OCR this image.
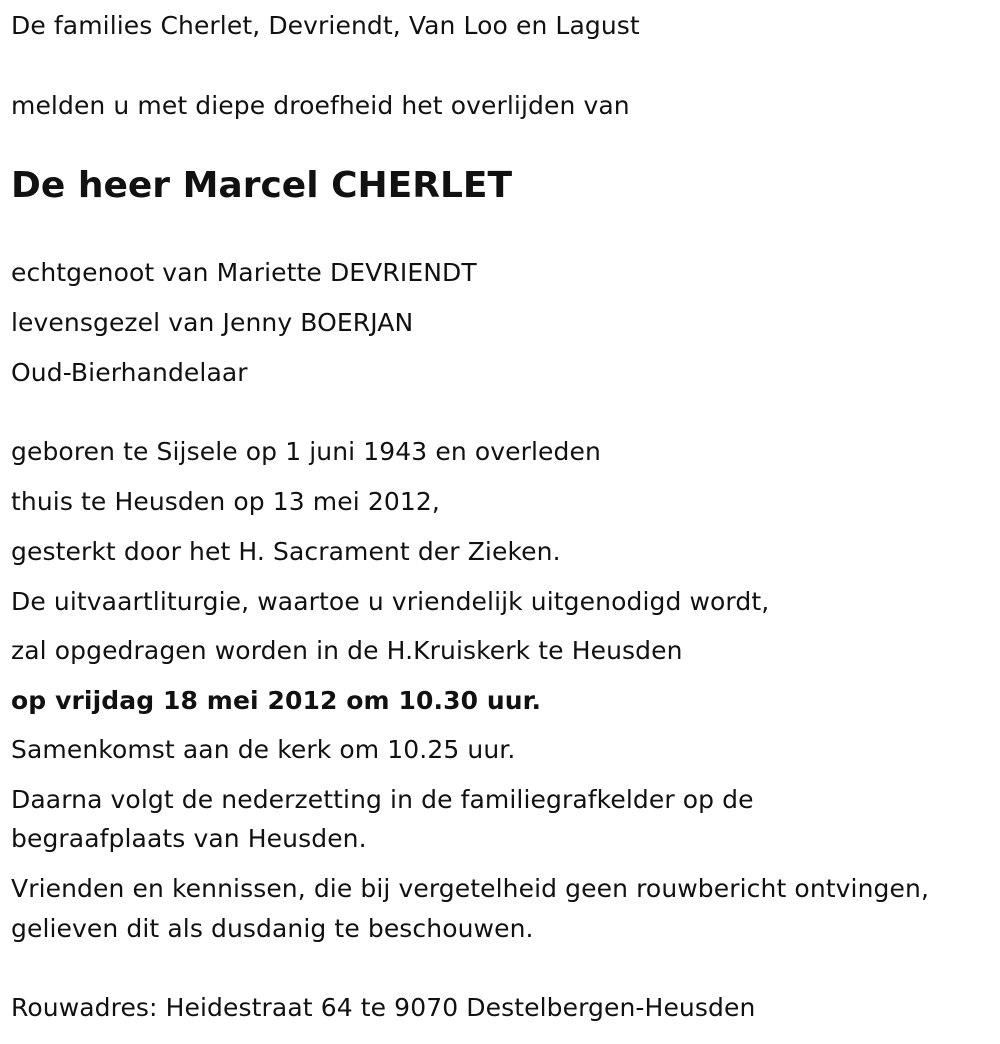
De families Cherlet, Devriendt, Van Loo en Lagust
melden u met diepe droefheid het overlijden van
De heer Marcel CHERLET
echtgenoot van Mariette DEVRIENDT
levensgezel van Jenny BOERJAN
Oud-Bierhandelaar
geboren te Sijsele op 1 juni 1943 en overleden
thuis te Heusden op 13 mei 2012,
gesterkt door het H. Sacrament der Zieken.
De uitvaartliturgie, waartoe u vriendelijk uitgenodigd wordt,
zal opgedragen worden in de H.Kruiskerk te Heusden
op vrijdag 18 mei 2012 om 10.30 uur.
Samenkomst aan de kerk om 10.25 uur.
Daarna volgt de nederzetting in de familiegrafkelder op de
begraafplaats van Heusden.
Vrienden en kennissen, die bij vergetelheid geen rouwbericht ontvingen,
gelieven dit als dusdanig te beschouwen.
Rouwadres: Heidestraat 64 te 9070 Destelbergen-Heusden
